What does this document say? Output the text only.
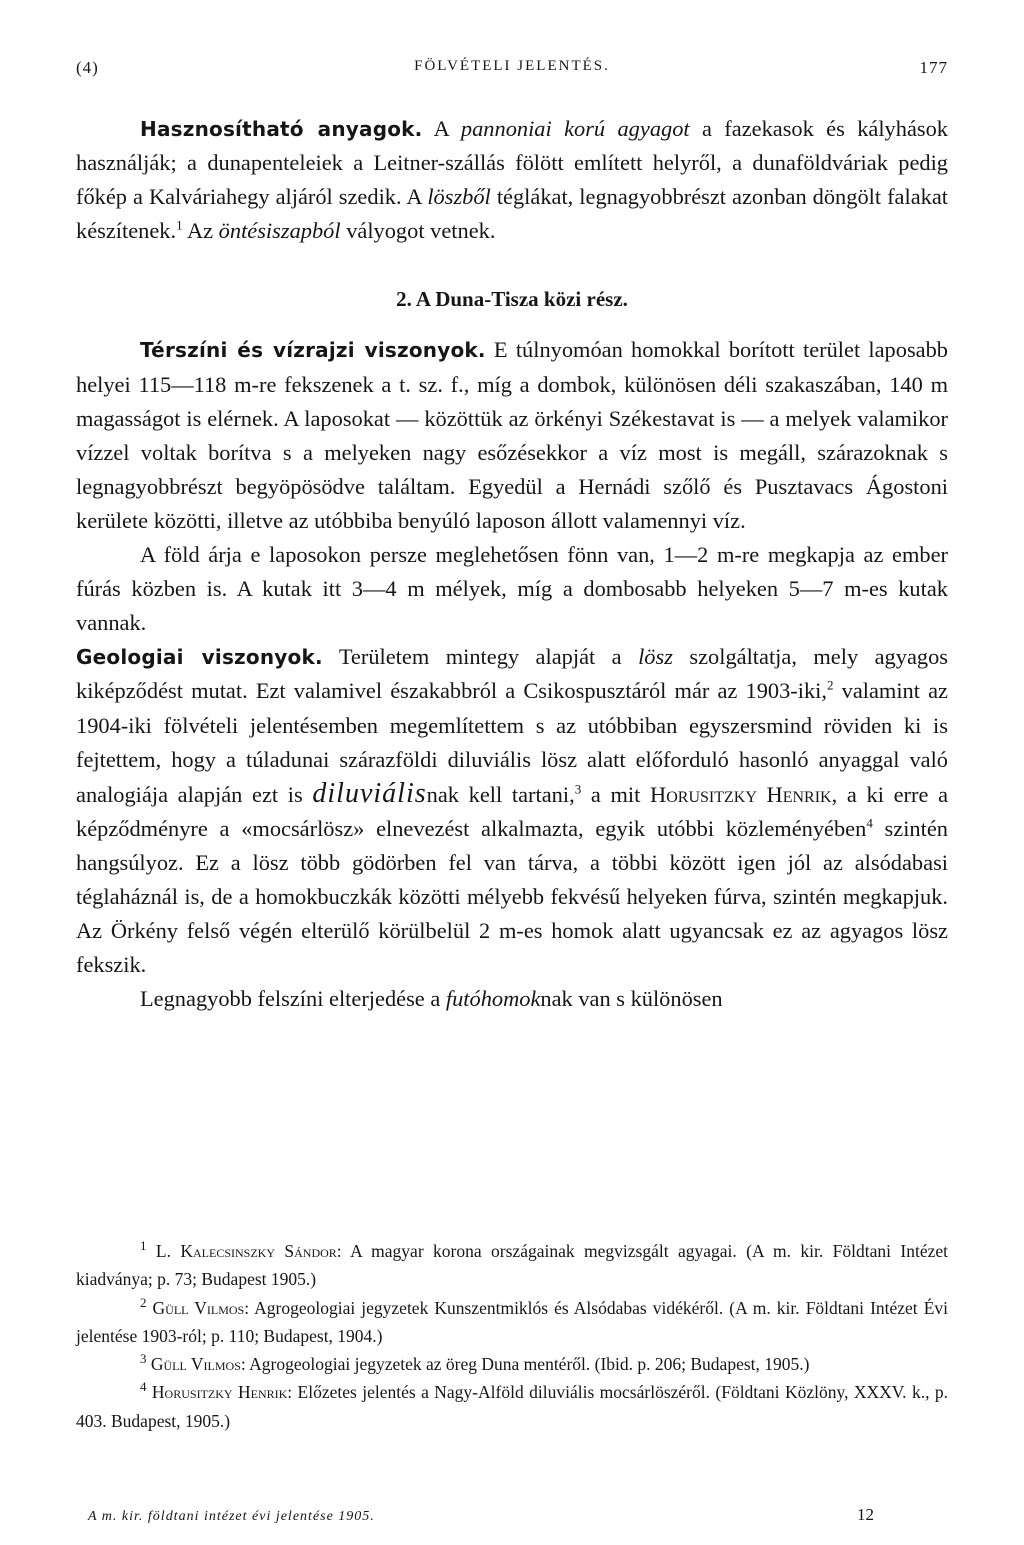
(4)	FÖLVÉTELI JELENTÉS.	177

Hasznosítható anyagok. A pannoniai korú agyagot a fazekasok és kályhások használják; a dunapenteleiek a Leitner-szállás fölött említett helyről, a dunaföldváriak pedig főkép a Kalváriahegy aljáról szedik. A löszből téglákat, legnagyobbrészt azonban döngölt falakat készítenek.$^1$ Az öntésiszapból vályogot vetnek.

2. A Duna-Tisza közi rész.

Térszíni és vízrajzi viszonyok. E túlnyomóan homokkal borított terület laposabb helyei 115—118 m-re fekszenek a t. sz. f., míg a dombok, különösen déli szakaszában, 140 m magasságot is elérnek. A laposokat — közöttük az örkényi Székestavat is — a melyek valamikor vízzel voltak borítva s a melyeken nagy esőzésekkor a víz most is megáll, szárazoknak s legnagyobbrészt begyöpösödve találtam. Egyedül a Hernádi szőlő és Pusztavacs Ágostoni kerülete közötti, illetve az utóbbiba benyúló laposon állott valamennyi víz.

A föld árja e laposokon persze meglehetősen fönn van, 1—2 m-re megkapja az ember fúrás közben is. A kutak itt 3—4 m mélyek, míg a dombosabb helyeken 5—7 m-es kutak vannak.

Geologiai viszonyok. Területem mintegy alapját a lösz szolgáltatja, mely agyagos kiképződést mutat. Ezt valamivel északabbról a Csikospusztáról már az 1903-iki,$^2$ valamint az 1904-iki fölvételi jelentésemben megemlítettem s az utóbbiban egyszersmind röviden ki is fejtettem, hogy a túladunai szárazföldi diluviális lösz alatt előforduló hasonló anyaggal való analogiája alapján ezt is diluviálisnak kell tartani,$^3$ a mit Horusitzky Henrik, a ki erre a képződményre a «mocsárlösz» elnevezést alkalmazta, egyik utóbbi közleményében$^4$ szintén hangsúlyoz. Ez a lösz több gödörben fel van tárva, a többi között igen jól az alsódabasi téglaháznál is, de a homokbuczkák közötti mélyebb fekvésű helyeken fúrva, szintén megkapjuk. Az Örkény felső végén elterülő körülbelül 2 m-es homok alatt ugyancsak ez az agyagos lösz fekszik.

Legnagyobb felszíni elterjedése a futóhomoknak van s különösen

$^1$ L. Kalecsinszky Sándor: A magyar korona országainak megvizsgált agyagai. (A m. kir. Földtani Intézet kiadványa; p. 73; Budapest 1905.)

$^2$ Güll Vilmos: Agrogeologiai jegyzetek Kunszentmiklós és Alsódabas vidékéről. (A m. kir. Földtani Intézet Évi jelentése 1903-ról; p. 110; Budapest, 1904.)

$^3$ Güll Vilmos: Agrogeologiai jegyzetek az öreg Duna mentéről. (Ibid. p. 206; Budapest, 1905.)

$^4$ Horusitzky Henrik: Előzetes jelentés a Nagy-Alföld diluviális mocsárlöszéről. (Földtani Közlöny, XXXV. k., p. 403. Budapest, 1905.)

A m. kir. földtani intézet évi jelentése 1905.	12
